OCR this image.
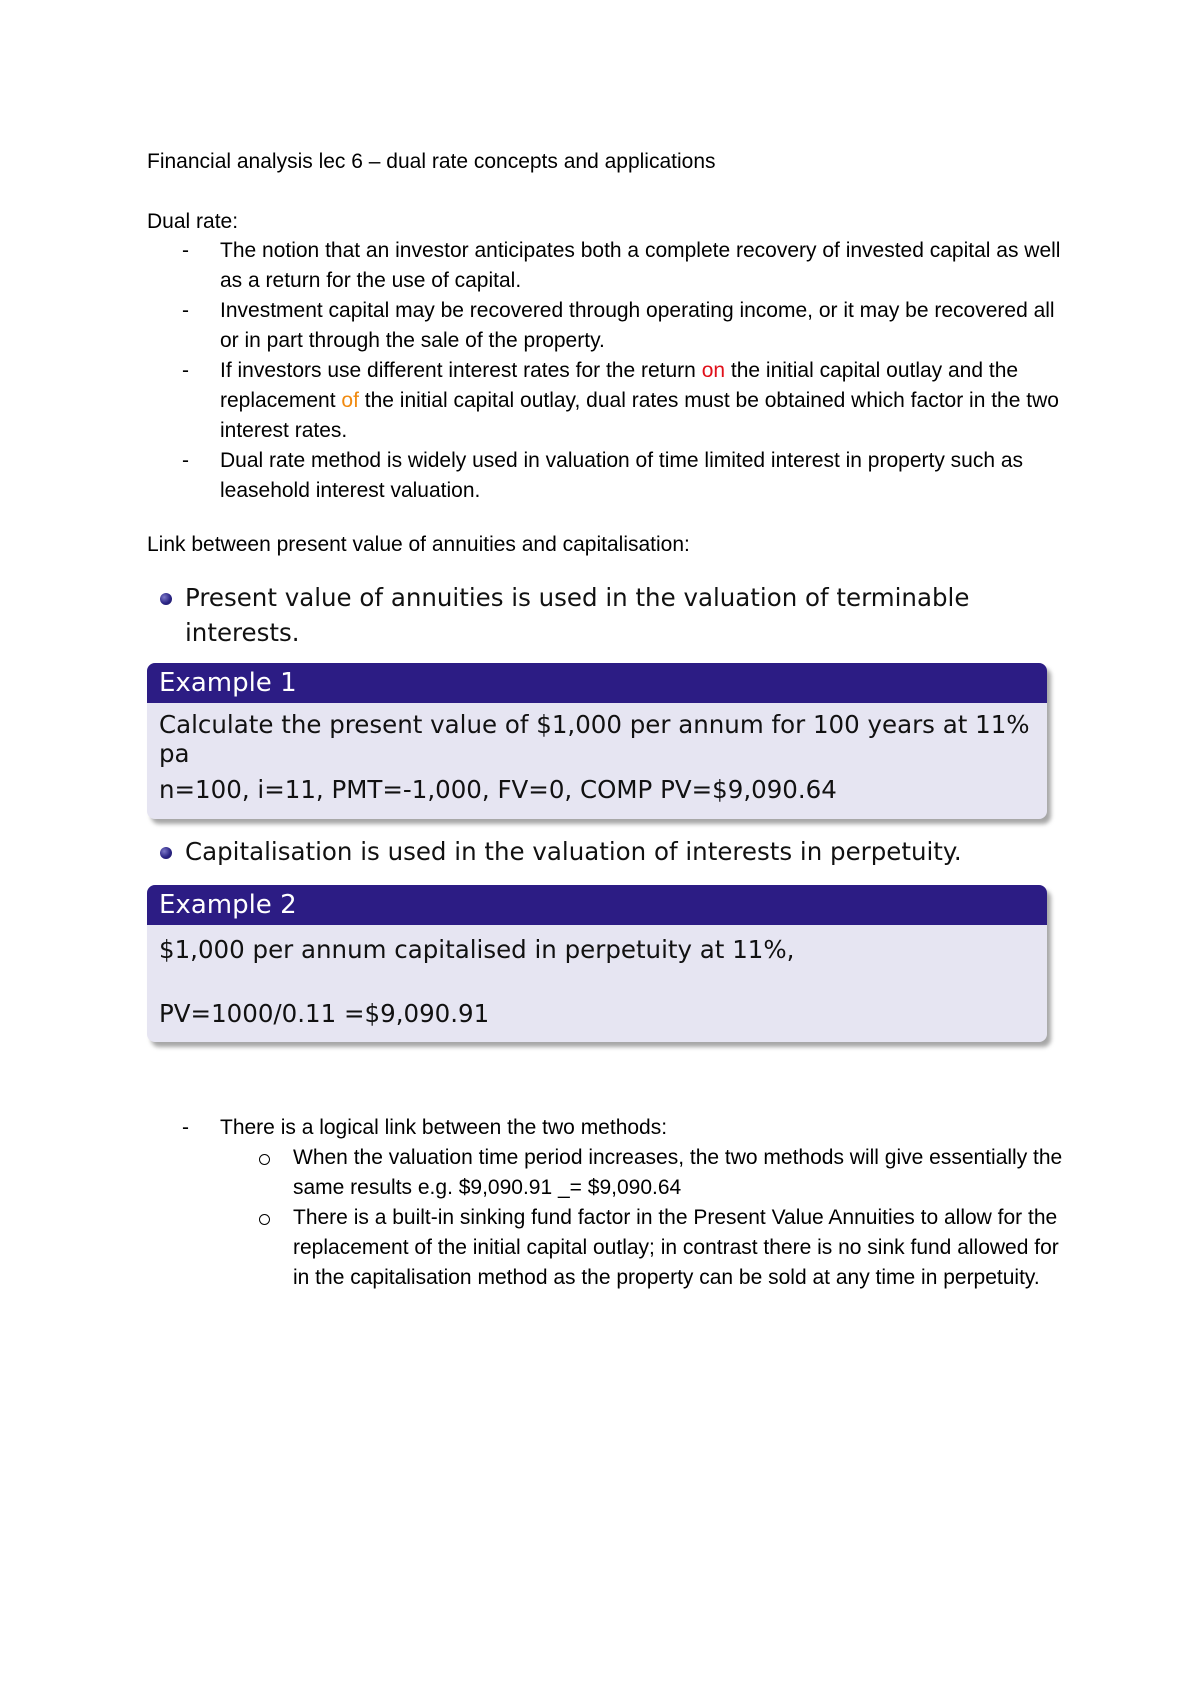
Financial analysis lec 6 – dual rate concepts and applications
Dual rate:
- The notion that an investor anticipates both a complete recovery of invested capital as well as a return for the use of capital.
- Investment capital may be recovered through operating income, or it may be recovered all or in part through the sale of the property.
- If investors use different interest rates for the return on the initial capital outlay and the replacement of the initial capital outlay, dual rates must be obtained which factor in the two interest rates.
- Dual rate method is widely used in valuation of time limited interest in property such as leasehold interest valuation.
Link between present value of annuities and capitalisation:
Present value of annuities is used in the valuation of terminable interests.
Example 1
Calculate the present value of $1,000 per annum for 100 years at 11% pa
n=100, i=11, PMT=-1,000, FV=0, COMP PV=$9,090.64
Capitalisation is used in the valuation of interests in perpetuity.
Example 2
$1,000 per annum capitalised in perpetuity at 11%,
PV=1000/0.11 =$9,090.91
- There is a logical link between the two methods:
When the valuation time period increases, the two methods will give essentially the same results e.g. $9,090.91 _= $9,090.64
There is a built-in sinking fund factor in the Present Value Annuities to allow for the replacement of the initial capital outlay; in contrast there is no sink fund allowed for in the capitalisation method as the property can be sold at any time in perpetuity.
